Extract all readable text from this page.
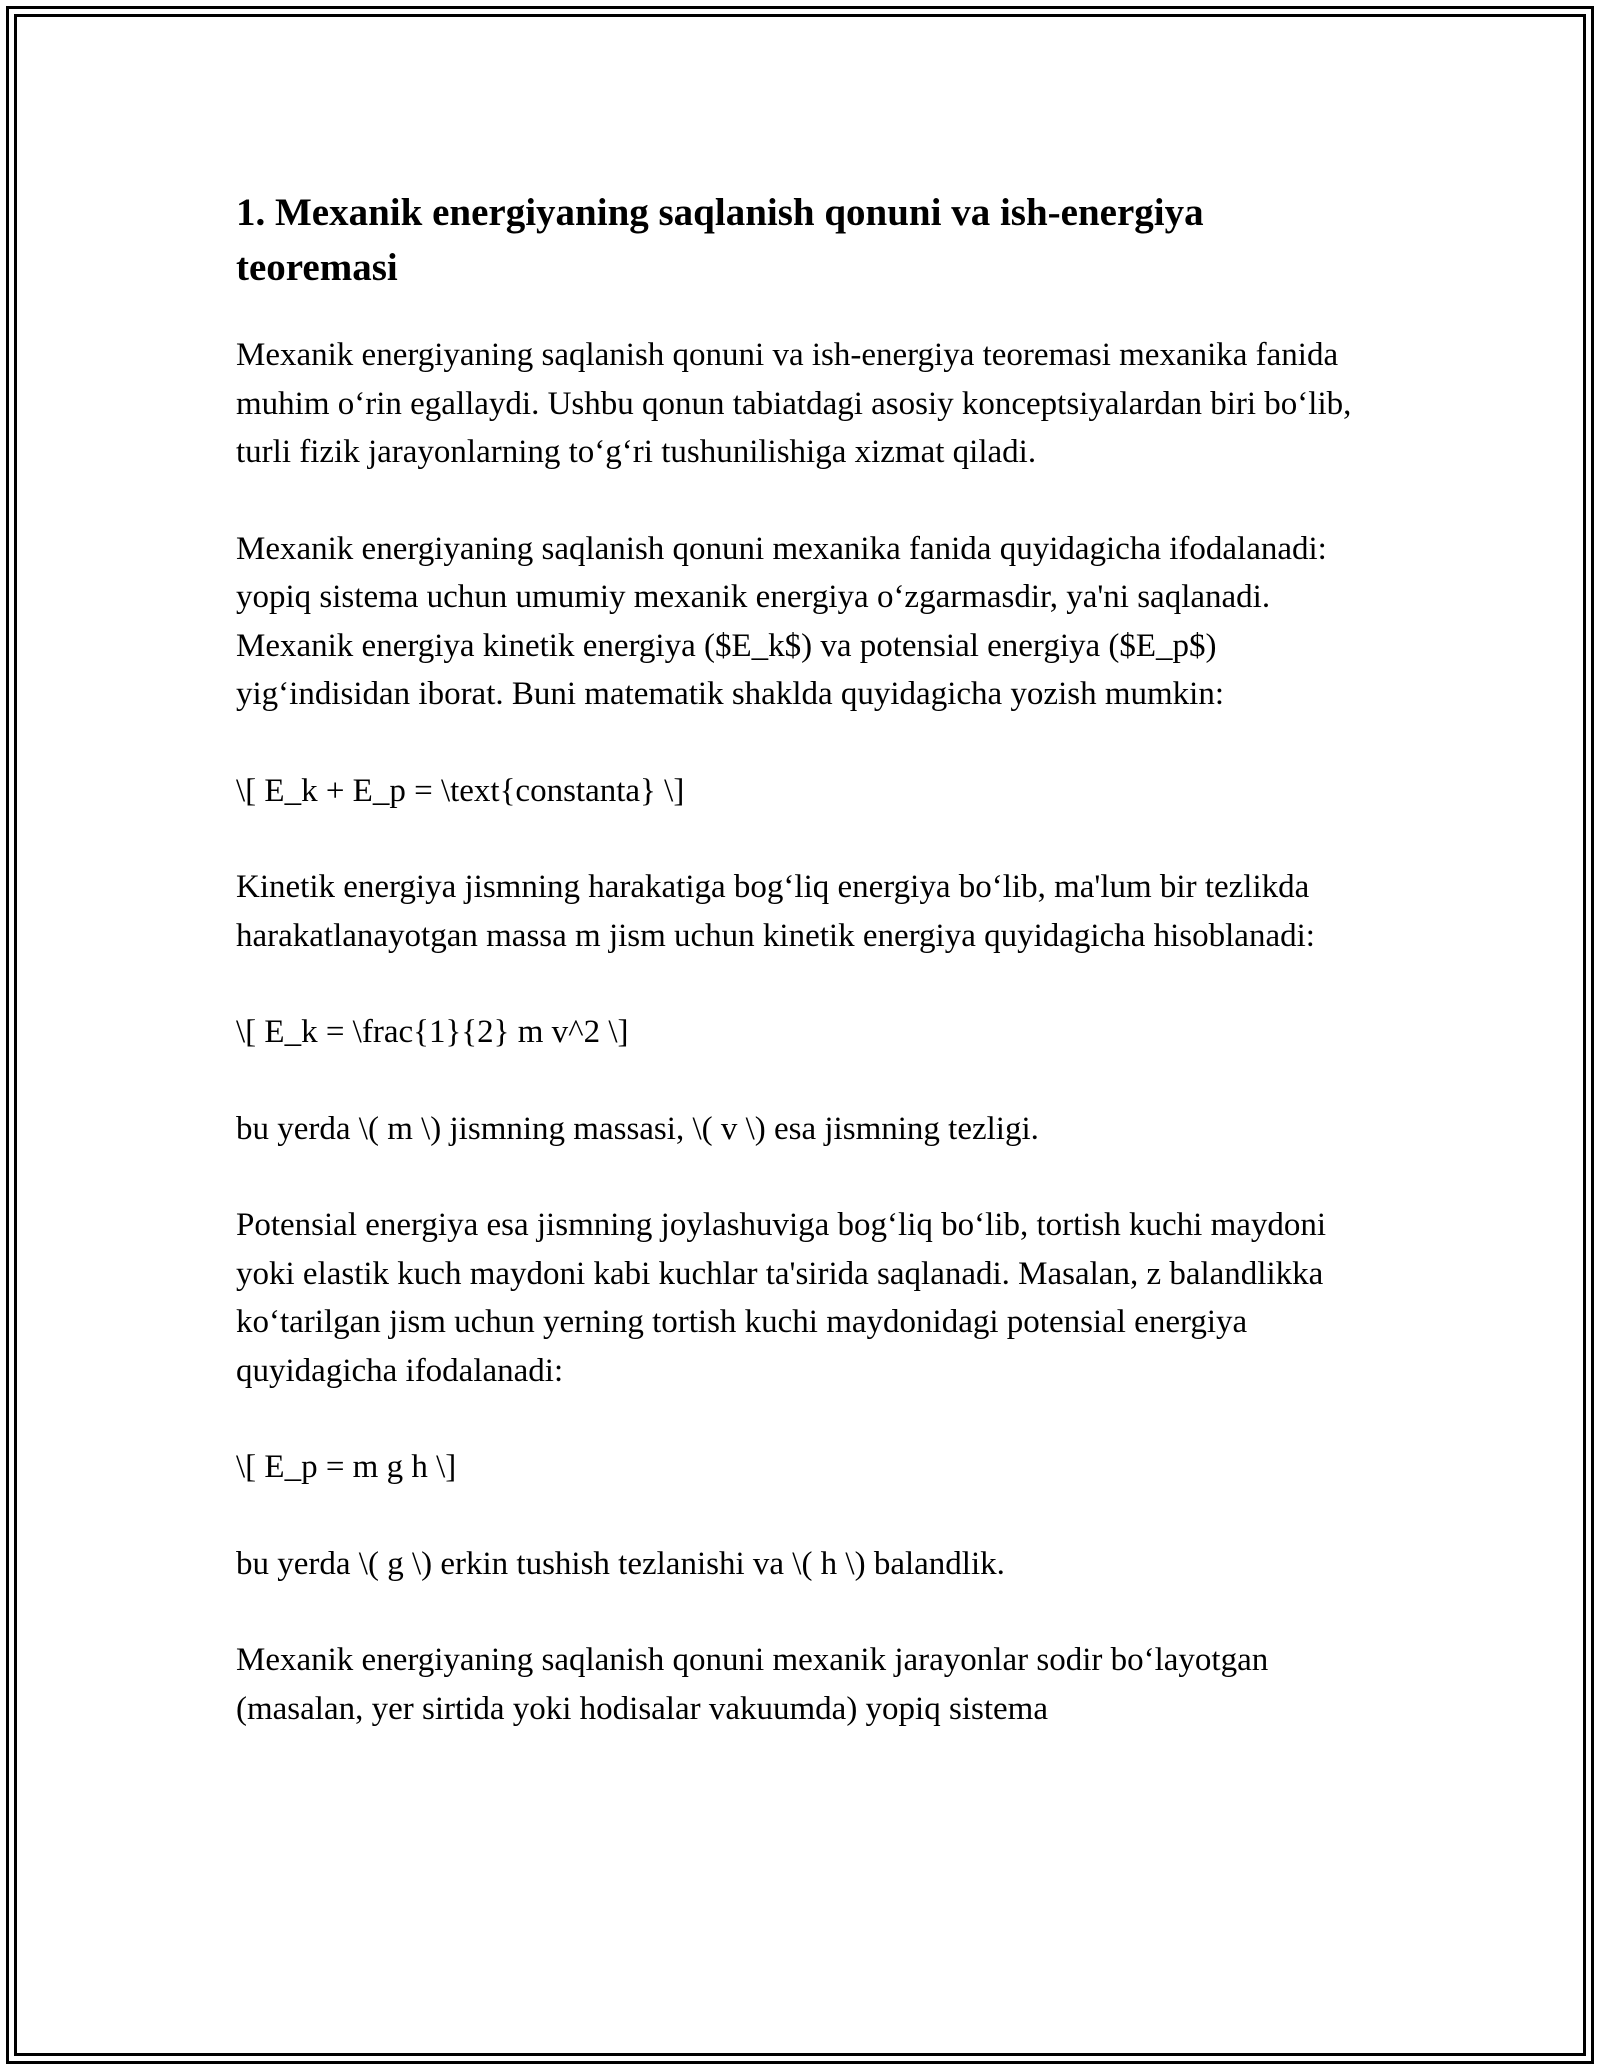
1. Mexanik energiyaning saqlanish qonuni va ish-energiya teoremasi

Mexanik energiyaning saqlanish qonuni va ish-energiya teoremasi mexanika fanida muhim o‘rin egallaydi. Ushbu qonun tabiatdagi asosiy konceptsiyalardan biri bo‘lib, turli fizik jarayonlarning to‘g‘ri tushunilishiga xizmat qiladi.

Mexanik energiyaning saqlanish qonuni mexanika fanida quyidagicha ifodalanadi: yopiq sistema uchun umumiy mexanik energiya o‘zgarmasdir, ya'ni saqlanadi. Mexanik energiya kinetik energiya ($E_k$) va potensial energiya ($E_p$) yig‘indisidan iborat. Buni matematik shaklda quyidagicha yozish mumkin:

\[ E_k + E_p = \text{constanta} \]

Kinetik energiya jismning harakatiga bog‘liq energiya bo‘lib, ma'lum bir tezlikda harakatlanayotgan massa m jism uchun kinetik energiya quyidagicha hisoblanadi:

\[ E_k = \frac{1}{2} m v^2 \]

bu yerda \( m \) jismning massasi, \( v \) esa jismning tezligi.

Potensial energiya esa jismning joylashuviga bog‘liq bo‘lib, tortish kuchi maydoni yoki elastik kuch maydoni kabi kuchlar ta'sirida saqlanadi. Masalan, z balandlikka ko‘tarilgan jism uchun yerning tortish kuchi maydonidagi potensial energiya quyidagicha ifodalanadi:

\[ E_p = m g h \]

bu yerda \( g \) erkin tushish tezlanishi va \( h \) balandlik.

Mexanik energiyaning saqlanish qonuni mexanik jarayonlar sodir bo‘layotgan (masalan, yer sirtida yoki hodisalar vakuumda) yopiq sistema
